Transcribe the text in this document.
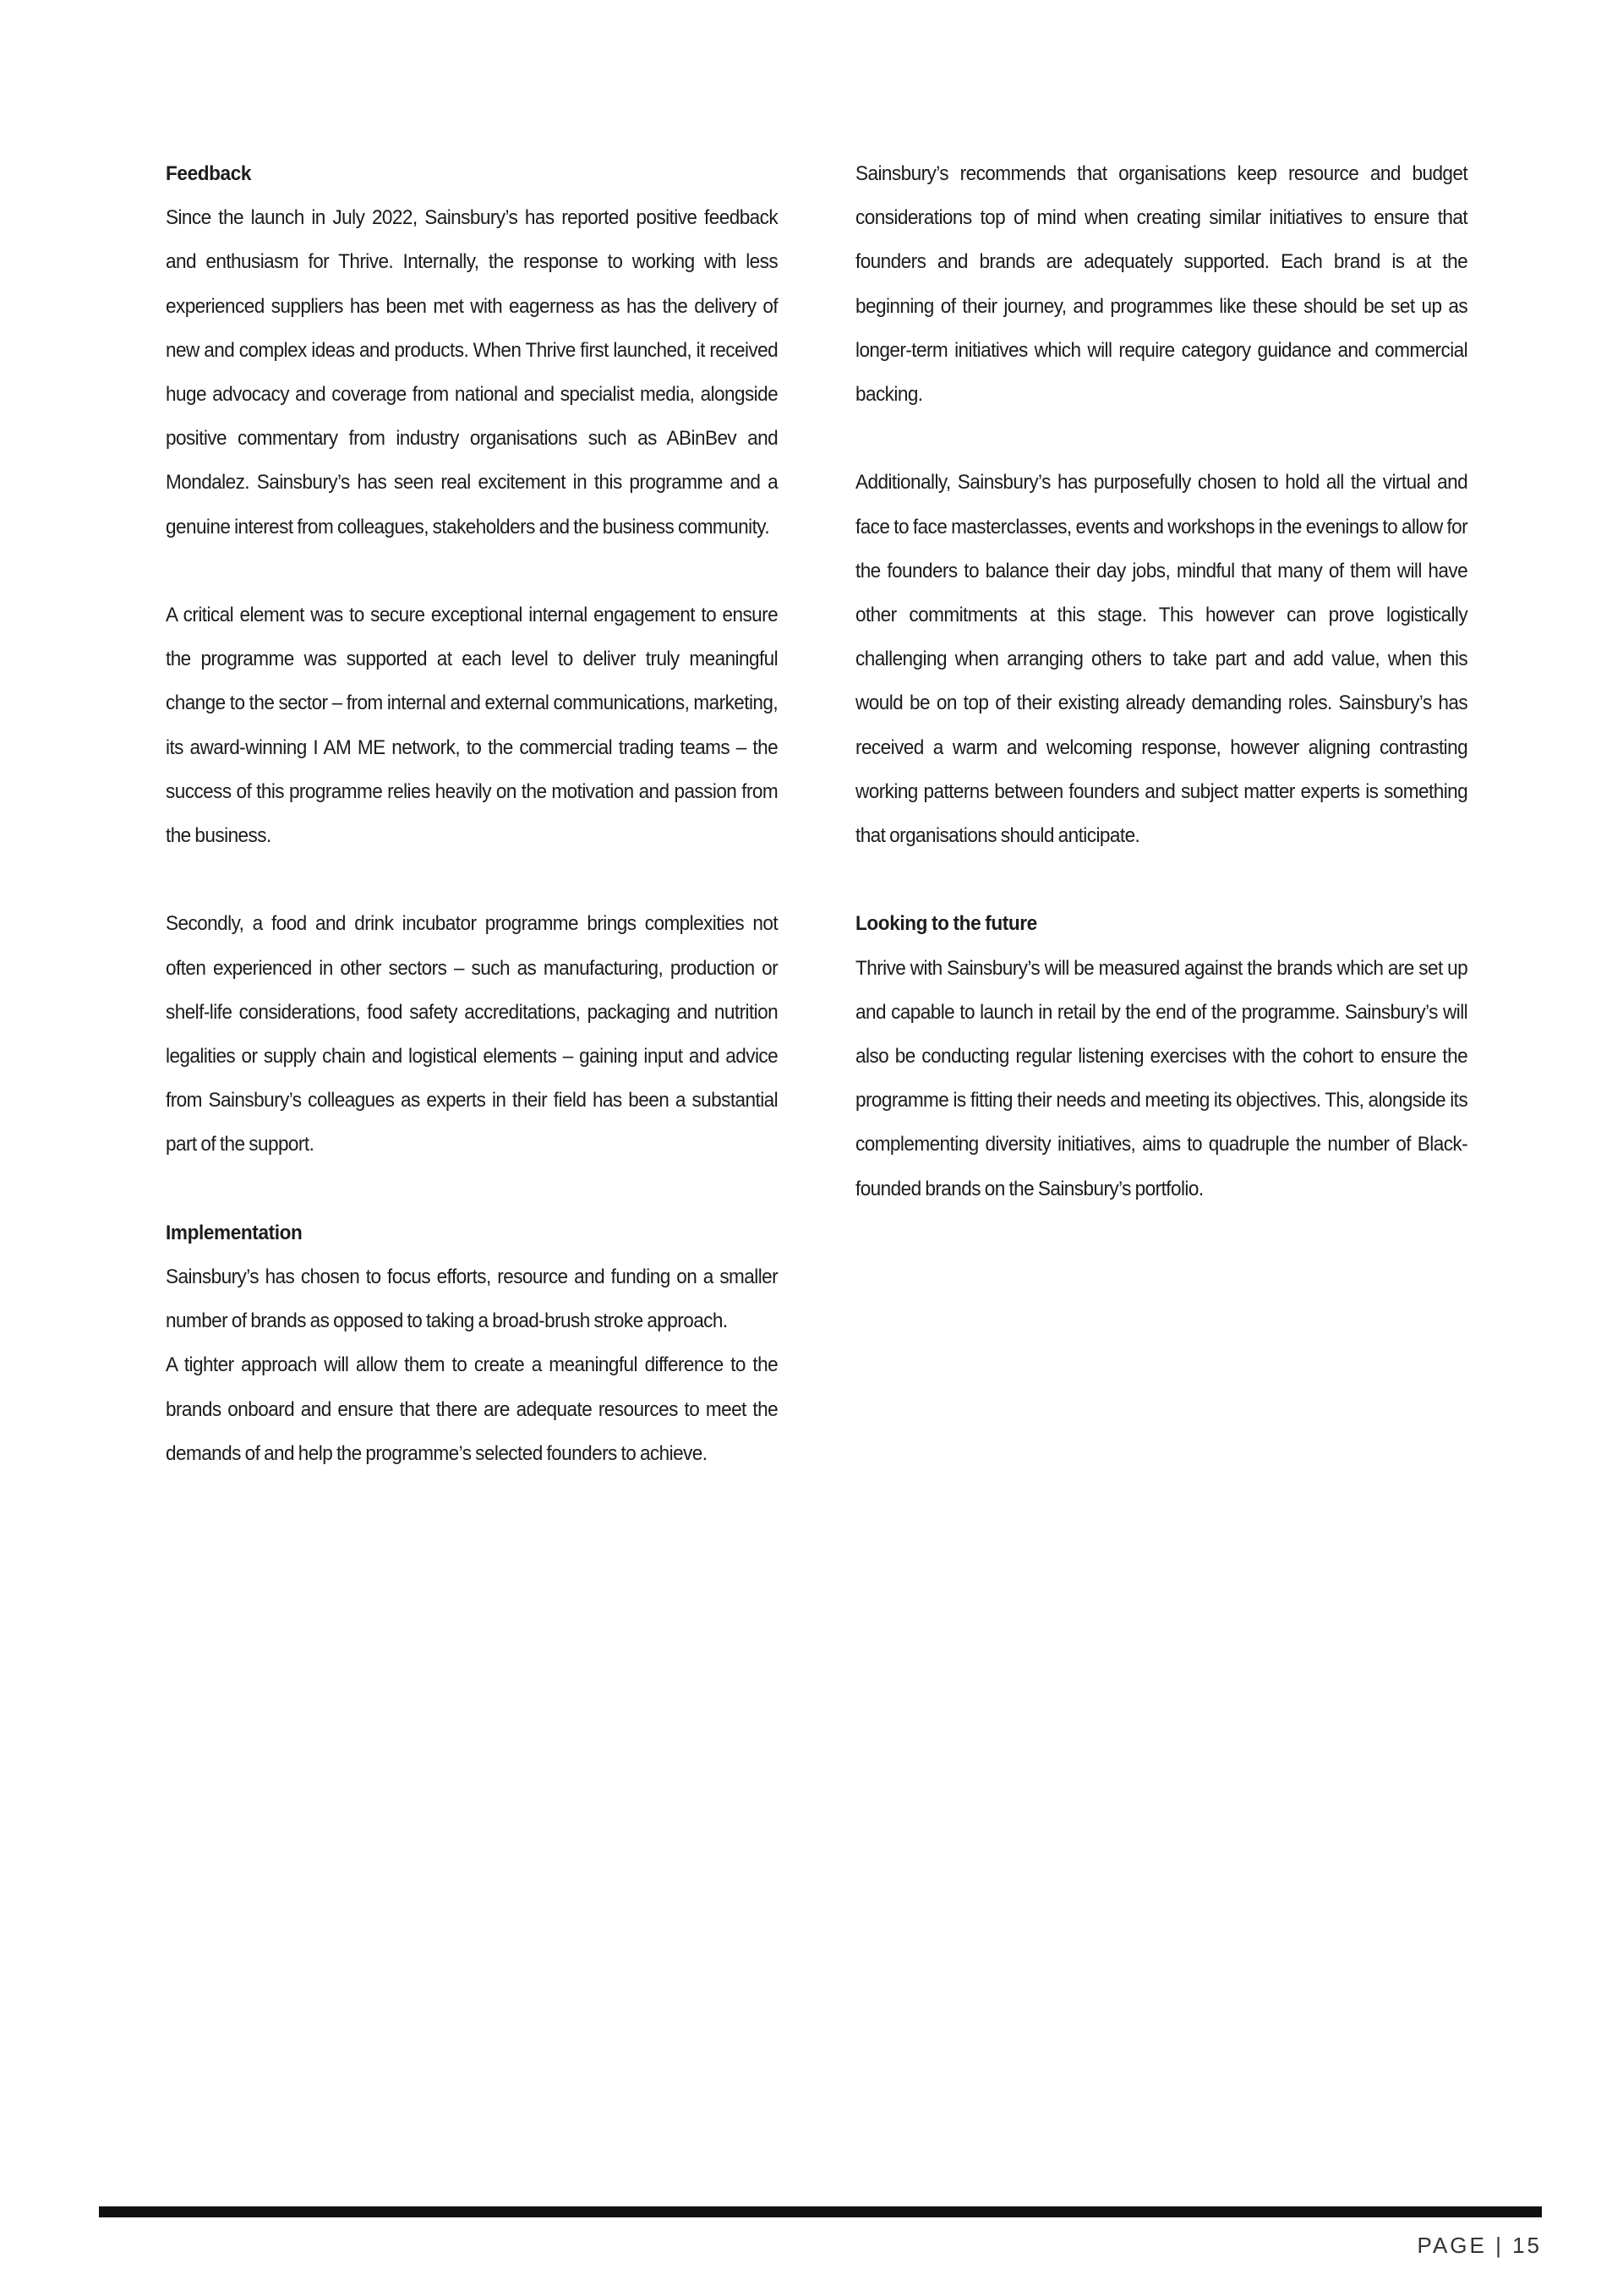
Feedback

Since the launch in July 2022, Sainsbury’s has reported positive feedback and enthusiasm for Thrive. Internally, the response to working with less experienced suppliers has been met with eagerness as has the delivery of new and complex ideas and products. When Thrive first launched, it received huge advocacy and coverage from national and specialist media, alongside positive commentary from industry organisations such as ABinBev and Mondalez. Sainsbury’s has seen real excitement in this programme and a genuine interest from colleagues, stakeholders and the business community.

A critical element was to secure exceptional internal engagement to ensure the programme was supported at each level to deliver truly meaningful change to the sector – from internal and external communications, marketing, its award-winning I AM ME network, to the commercial trading teams – the success of this programme relies heavily on the motivation and passion from the business.

Secondly, a food and drink incubator programme brings complexities not often experienced in other sectors – such as manufacturing, production or shelf-life considerations, food safety accreditations, packaging and nutrition legalities or supply chain and logistical elements – gaining input and advice from Sainsbury’s colleagues as experts in their field has been a substantial part of the support.

Implementation

Sainsbury’s has chosen to focus efforts, resource and funding on a smaller number of brands as opposed to taking a broad-brush stroke approach.

A tighter approach will allow them to create a meaningful difference to the brands onboard and ensure that there are adequate resources to meet the demands of and help the programme’s selected founders to achieve.

Sainsbury’s recommends that organisations keep resource and budget considerations top of mind when creating similar initiatives to ensure that founders and brands are adequately supported. Each brand is at the beginning of their journey, and programmes like these should be set up as longer-term initiatives which will require category guidance and commercial backing.

Additionally, Sainsbury’s has purposefully chosen to hold all the virtual and face to face masterclasses, events and workshops in the evenings to allow for the founders to balance their day jobs, mindful that many of them will have other commitments at this stage. This however can prove logistically challenging when arranging others to take part and add value, when this would be on top of their existing already demanding roles. Sainsbury’s has received a warm and welcoming response, however aligning contrasting working patterns between founders and subject matter experts is something that organisations should anticipate.

Looking to the future

Thrive with Sainsbury’s will be measured against the brands which are set up and capable to launch in retail by the end of the programme. Sainsbury’s will also be conducting regular listening exercises with the cohort to ensure the programme is fitting their needs and meeting its objectives. This, alongside its complementing diversity initiatives, aims to quadruple the number of Black-founded brands on the Sainsbury’s portfolio.

PAGE | 15
